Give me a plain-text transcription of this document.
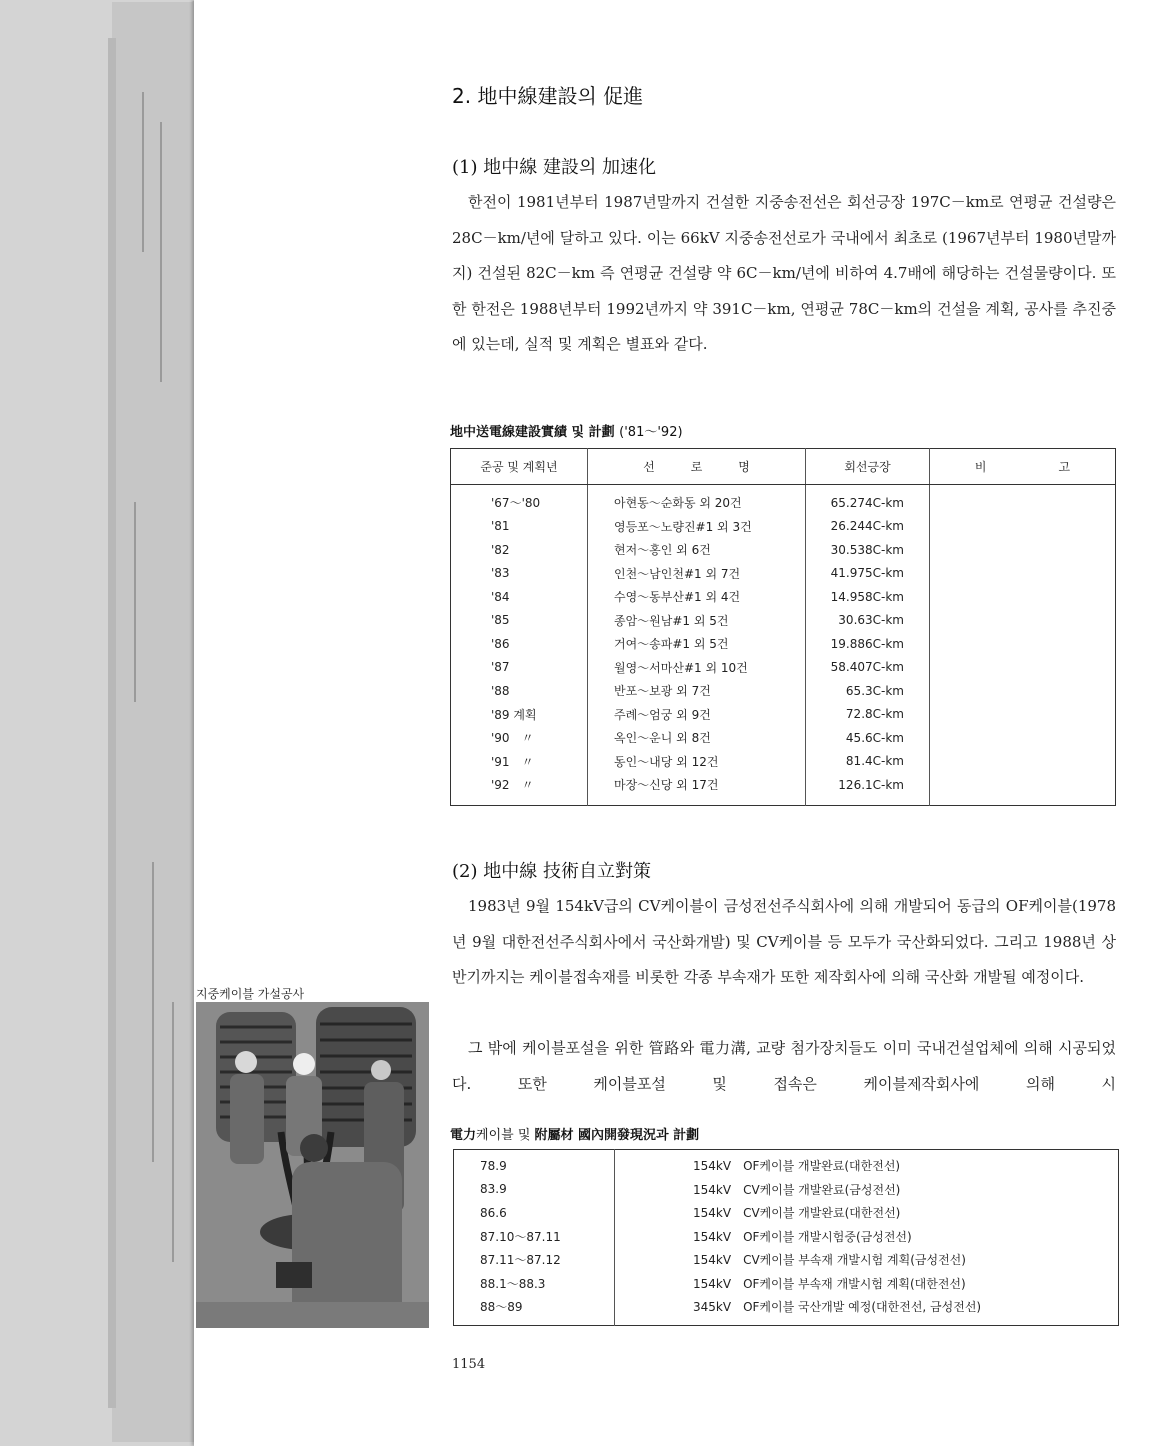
2. 地中線建設의 促進
(1) 地中線 建設의 加速化

한전이 1981년부터 1987년말까지 건설한 지중송전선은 회선긍장 197C－km로 연평균 건설량은 28C－km/년에 달하고 있다. 이는 66kV 지중송전선로가 국내에서 최초로 (1967년부터 1980년말까지) 건설된 82C－km 즉 연평균 건설량 약 6C－km/년에 비하여 4.7배에 해당하는 건설물량이다. 또한 한전은 1988년부터 1992년까지 약 391C－km, 연평균 78C－km의 건설을 계획, 공사를 추진중에 있는데, 실적 및 계획은 별표와 같다.

地中送電線建設實績 및 計劃 ('81～'92)
준공 및 계획년	선　　　로　　　명	회선긍장	비　　　　　　고
'67～'80	아현동～순화동 외 20건	65.274C-km	
'81	영등포～노량진#1 외 3건	26.244C-km	
'82	현저～홍인 외 6건	30.538C-km	
'83	인천～남인천#1 외 7건	41.975C-km	
'84	수영～동부산#1 외 4건	14.958C-km	
'85	종암～원남#1 외 5건	30.63C-km	
'86	거여～송파#1 외 5건	19.886C-km	
'87	월영～서마산#1 외 10건	58.407C-km	
'88	반포～보광 외 7건	65.3C-km	
'89 계획	주례～엄궁 외 9건	72.8C-km	
'90　〃	옥인～운니 외 8건	45.6C-km	
'91　〃	동인～내당 외 12건	81.4C-km	
'92　〃	마장～신당 외 17건	126.1C-km	
(2) 地中線 技術自立對策

1983년 9월 154kV급의 CV케이블이 금성전선주식회사에 의해 개발되어 동급의 OF케이블(1978년 9월 대한전선주식회사에서 국산화개발) 및 CV케이블 등 모두가 국산화되었다. 그리고 1988년 상반기까지는 케이블접속재를 비롯한 각종 부속재가 또한 제작회사에 의해 국산화 개발될 예정이다.

그 밖에 케이블포설을 위한 管路와 電力溝, 교량 첨가장치들도 이미 국내건설업체에 의해 시공되었다. 또한 케이블포설 및 접속은 케이블제작회사에 의해 시

電力케이블 및 附屬材 國內開發現況과 計劃
78.9	154kV　OF케이블 개발완료(대한전선)
83.9	154kV　CV케이블 개발완료(금성전선)
86.6	154kV　CV케이블 개발완료(대한전선)
87.10～87.11	154kV　OF케이블 개발시험중(금성전선)
87.11～87.12	154kV　CV케이블 부속재 개발시험 계획(금성전선)
88.1～88.3	154kV　OF케이블 부속재 개발시험 계획(대한전선)
88～89	345kV　OF케이블 국산개발 예정(대한전선, 금성전선)
지중케이블 가설공사
1154
